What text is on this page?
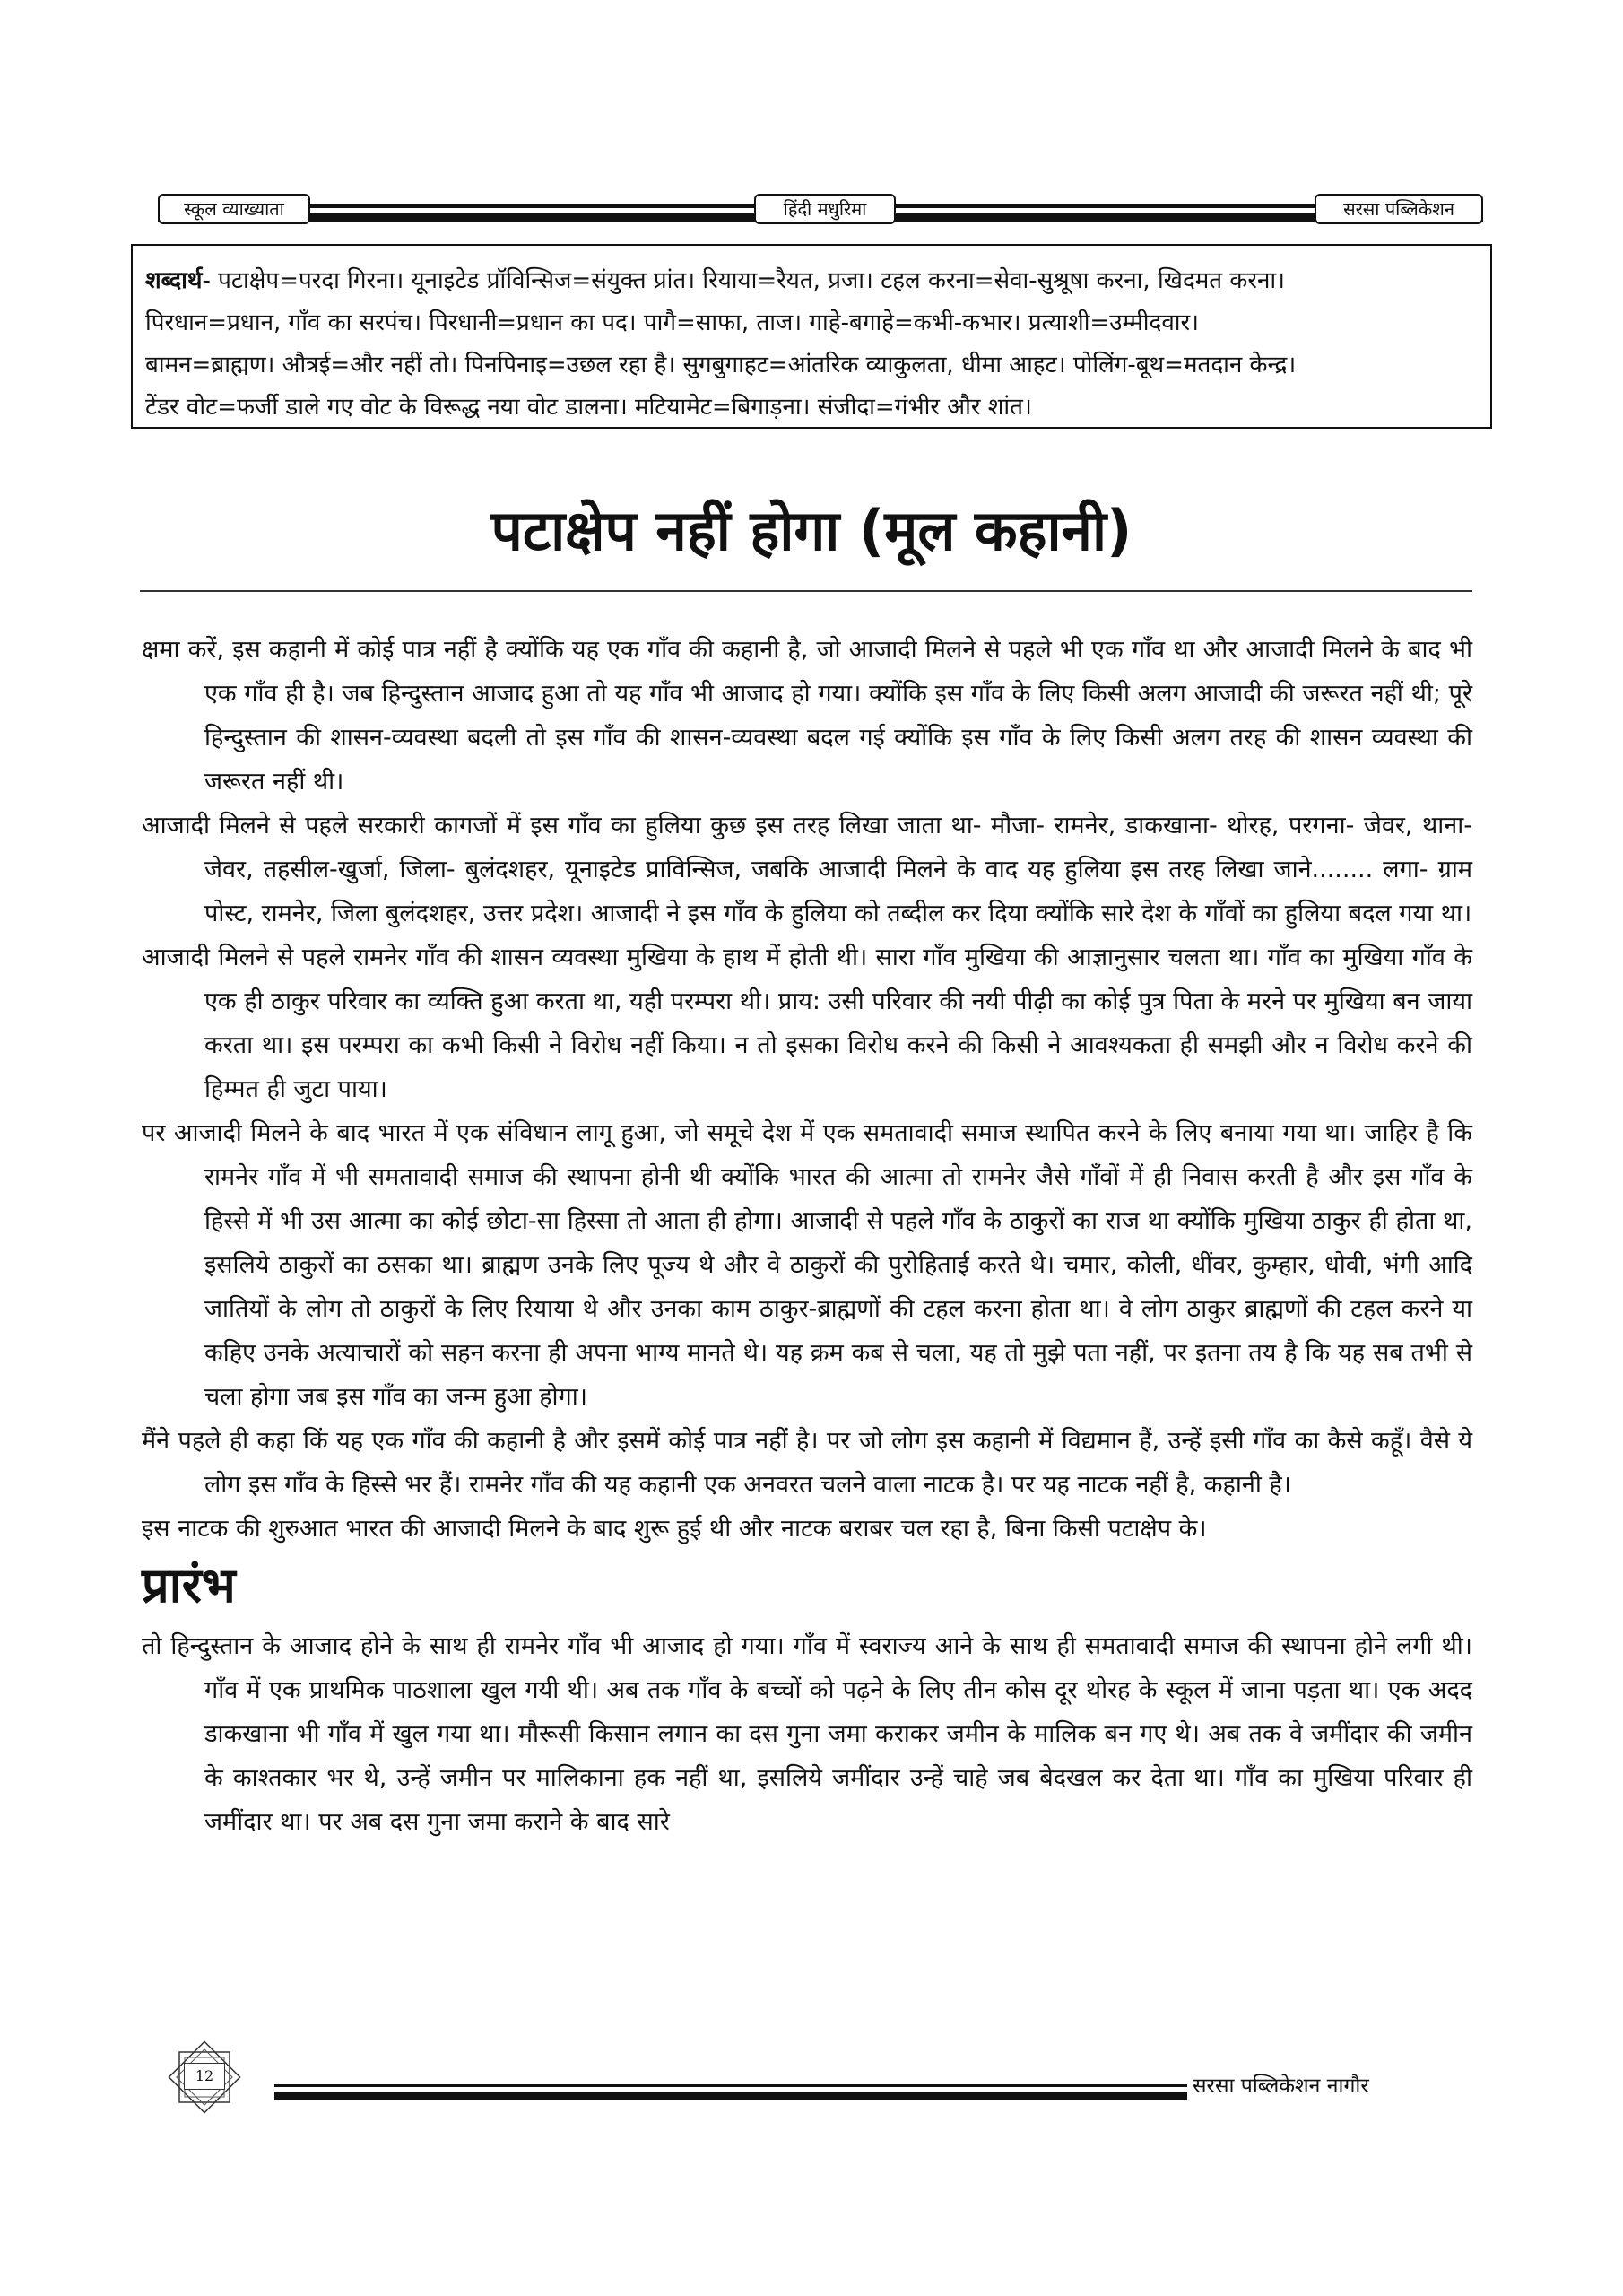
स्कूल व्याख्याता	हिंदी मधुरिमा	सरसा पब्लिकेशन

शब्दार्थ- पटाक्षेप=परदा गिरना। यूनाइटेड प्रॉविन्सिज=संयुक्त प्रांत। रियाया=रैयत, प्रजा। टहल करना=सेवा-सुश्रूषा करना, खिदमत करना।

पिरधान=प्रधान, गाँव का सरपंच। पिरधानी=प्रधान का पद। पागै=साफा, ताज। गाहे-बगाहे=कभी-कभार। प्रत्याशी=उम्मीदवार।

बामन=ब्राह्मण। औत्रई=और नहीं तो। पिनपिनाइ=उछल रहा है। सुगबुगाहट=आंतरिक व्याकुलता, धीमा आहट। पोलिंग-बूथ=मतदान केन्द्र।

टेंडर वोट=फर्जी डाले गए वोट के विरूद्ध नया वोट डालना। मटियामेट=बिगाड़ना। संजीदा=गंभीर और शांत।

पटाक्षेप नहीं होगा (मूल कहानी)

क्षमा करें, इस कहानी में कोई पात्र नहीं है क्योंकि यह एक गाँव की कहानी है, जो आजादी मिलने से पहले भी एक गाँव था और आजादी मिलने के बाद भी एक गाँव ही है। जब हिन्दुस्तान आजाद हुआ तो यह गाँव भी आजाद हो गया। क्योंकि इस गाँव के लिए किसी अलग आजादी की जरूरत नहीं थी; पूरे हिन्दुस्तान की शासन-व्यवस्था बदली तो इस गाँव की शासन-व्यवस्था बदल गई क्योंकि इस गाँव के लिए किसी अलग तरह की शासन व्यवस्था की जरूरत नहीं थी।

आजादी मिलने से पहले सरकारी कागजों में इस गाँव का हुलिया कुछ इस तरह लिखा जाता था- मौजा- रामनेर, डाकखाना- थोरह, परगना- जेवर, थाना-जेवर, तहसील-खुर्जा, जिला- बुलंदशहर, यूनाइटेड प्राविन्सिज, जबकि आजादी मिलने के वाद यह हुलिया इस तरह लिखा जाने........ लगा- ग्राम पोस्ट, रामनेर, जिला बुलंदशहर, उत्तर प्रदेश। आजादी ने इस गाँव के हुलिया को तब्दील कर दिया क्योंकि सारे देश के गाँवों का हुलिया बदल गया था।

आजादी मिलने से पहले रामनेर गाँव की शासन व्यवस्था मुखिया के हाथ में होती थी। सारा गाँव मुखिया की आज्ञानुसार चलता था। गाँव का मुखिया गाँव के एक ही ठाकुर परिवार का व्यक्ति हुआ करता था, यही परम्परा थी। प्राय: उसी परिवार की नयी पीढ़ी का कोई पुत्र पिता के मरने पर मुखिया बन जाया करता था। इस परम्परा का कभी किसी ने विरोध नहीं किया। न तो इसका विरोध करने की किसी ने आवश्यकता ही समझी और न विरोध करने की हिम्मत ही जुटा पाया।

पर आजादी मिलने के बाद भारत में एक संविधान लागू हुआ, जो समूचे देश में एक समतावादी समाज स्थापित करने के लिए बनाया गया था। जाहिर है कि रामनेर गाँव में भी समतावादी समाज की स्थापना होनी थी क्योंकि भारत की आत्मा तो रामनेर जैसे गाँवों में ही निवास करती है और इस गाँव के हिस्से में भी उस आत्मा का कोई छोटा-सा हिस्सा तो आता ही होगा। आजादी से पहले गाँव के ठाकुरों का राज था क्योंकि मुखिया ठाकुर ही होता था, इसलिये ठाकुरों का ठसका था। ब्राह्मण उनके लिए पूज्य थे और वे ठाकुरों की पुरोहिताई करते थे। चमार, कोली, धींवर, कुम्हार, धोवी, भंगी आदि जातियों के लोग तो ठाकुरों के लिए रियाया थे और उनका काम ठाकुर-ब्राह्मणों की टहल करना होता था। वे लोग ठाकुर ब्राह्मणों की टहल करने या कहिए उनके अत्याचारों को सहन करना ही अपना भाग्य मानते थे। यह क्रम कब से चला, यह तो मुझे पता नहीं, पर इतना तय है कि यह सब तभी से चला होगा जब इस गाँव का जन्म हुआ होगा।

मैंने पहले ही कहा किं यह एक गाँव की कहानी है और इसमें कोई पात्र नहीं है। पर जो लोग इस कहानी में विद्यमान हैं, उन्हें इसी गाँव का कैसे कहूँ। वैसे ये लोग इस गाँव के हिस्से भर हैं। रामनेर गाँव की यह कहानी एक अनवरत चलने वाला नाटक है। पर यह नाटक नहीं है, कहानी है।

इस नाटक की शुरुआत भारत की आजादी मिलने के बाद शुरू हुई थी और नाटक बराबर चल रहा है, बिना किसी पटाक्षेप के।

प्रारंभ

तो हिन्दुस्तान के आजाद होने के साथ ही रामनेर गाँव भी आजाद हो गया। गाँव में स्वराज्य आने के साथ ही समतावादी समाज की स्थापना होने लगी थी। गाँव में एक प्राथमिक पाठशाला खुल गयी थी। अब तक गाँव के बच्चों को पढ़ने के लिए तीन कोस दूर थोरह के स्कूल में जाना पड़ता था। एक अदद डाकखाना भी गाँव में खुल गया था। मौरूसी किसान लगान का दस गुना जमा कराकर जमीन के मालिक बन गए थे। अब तक वे जमींदार की जमीन के काश्तकार भर थे, उन्हें जमीन पर मालिकाना हक नहीं था, इसलिये जमींदार उन्हें चाहे जब बेदखल कर देता था। गाँव का मुखिया परिवार ही जमींदार था। पर अब दस गुना जमा कराने के बाद सारे

12	सरसा पब्लिकेशन नागौर
